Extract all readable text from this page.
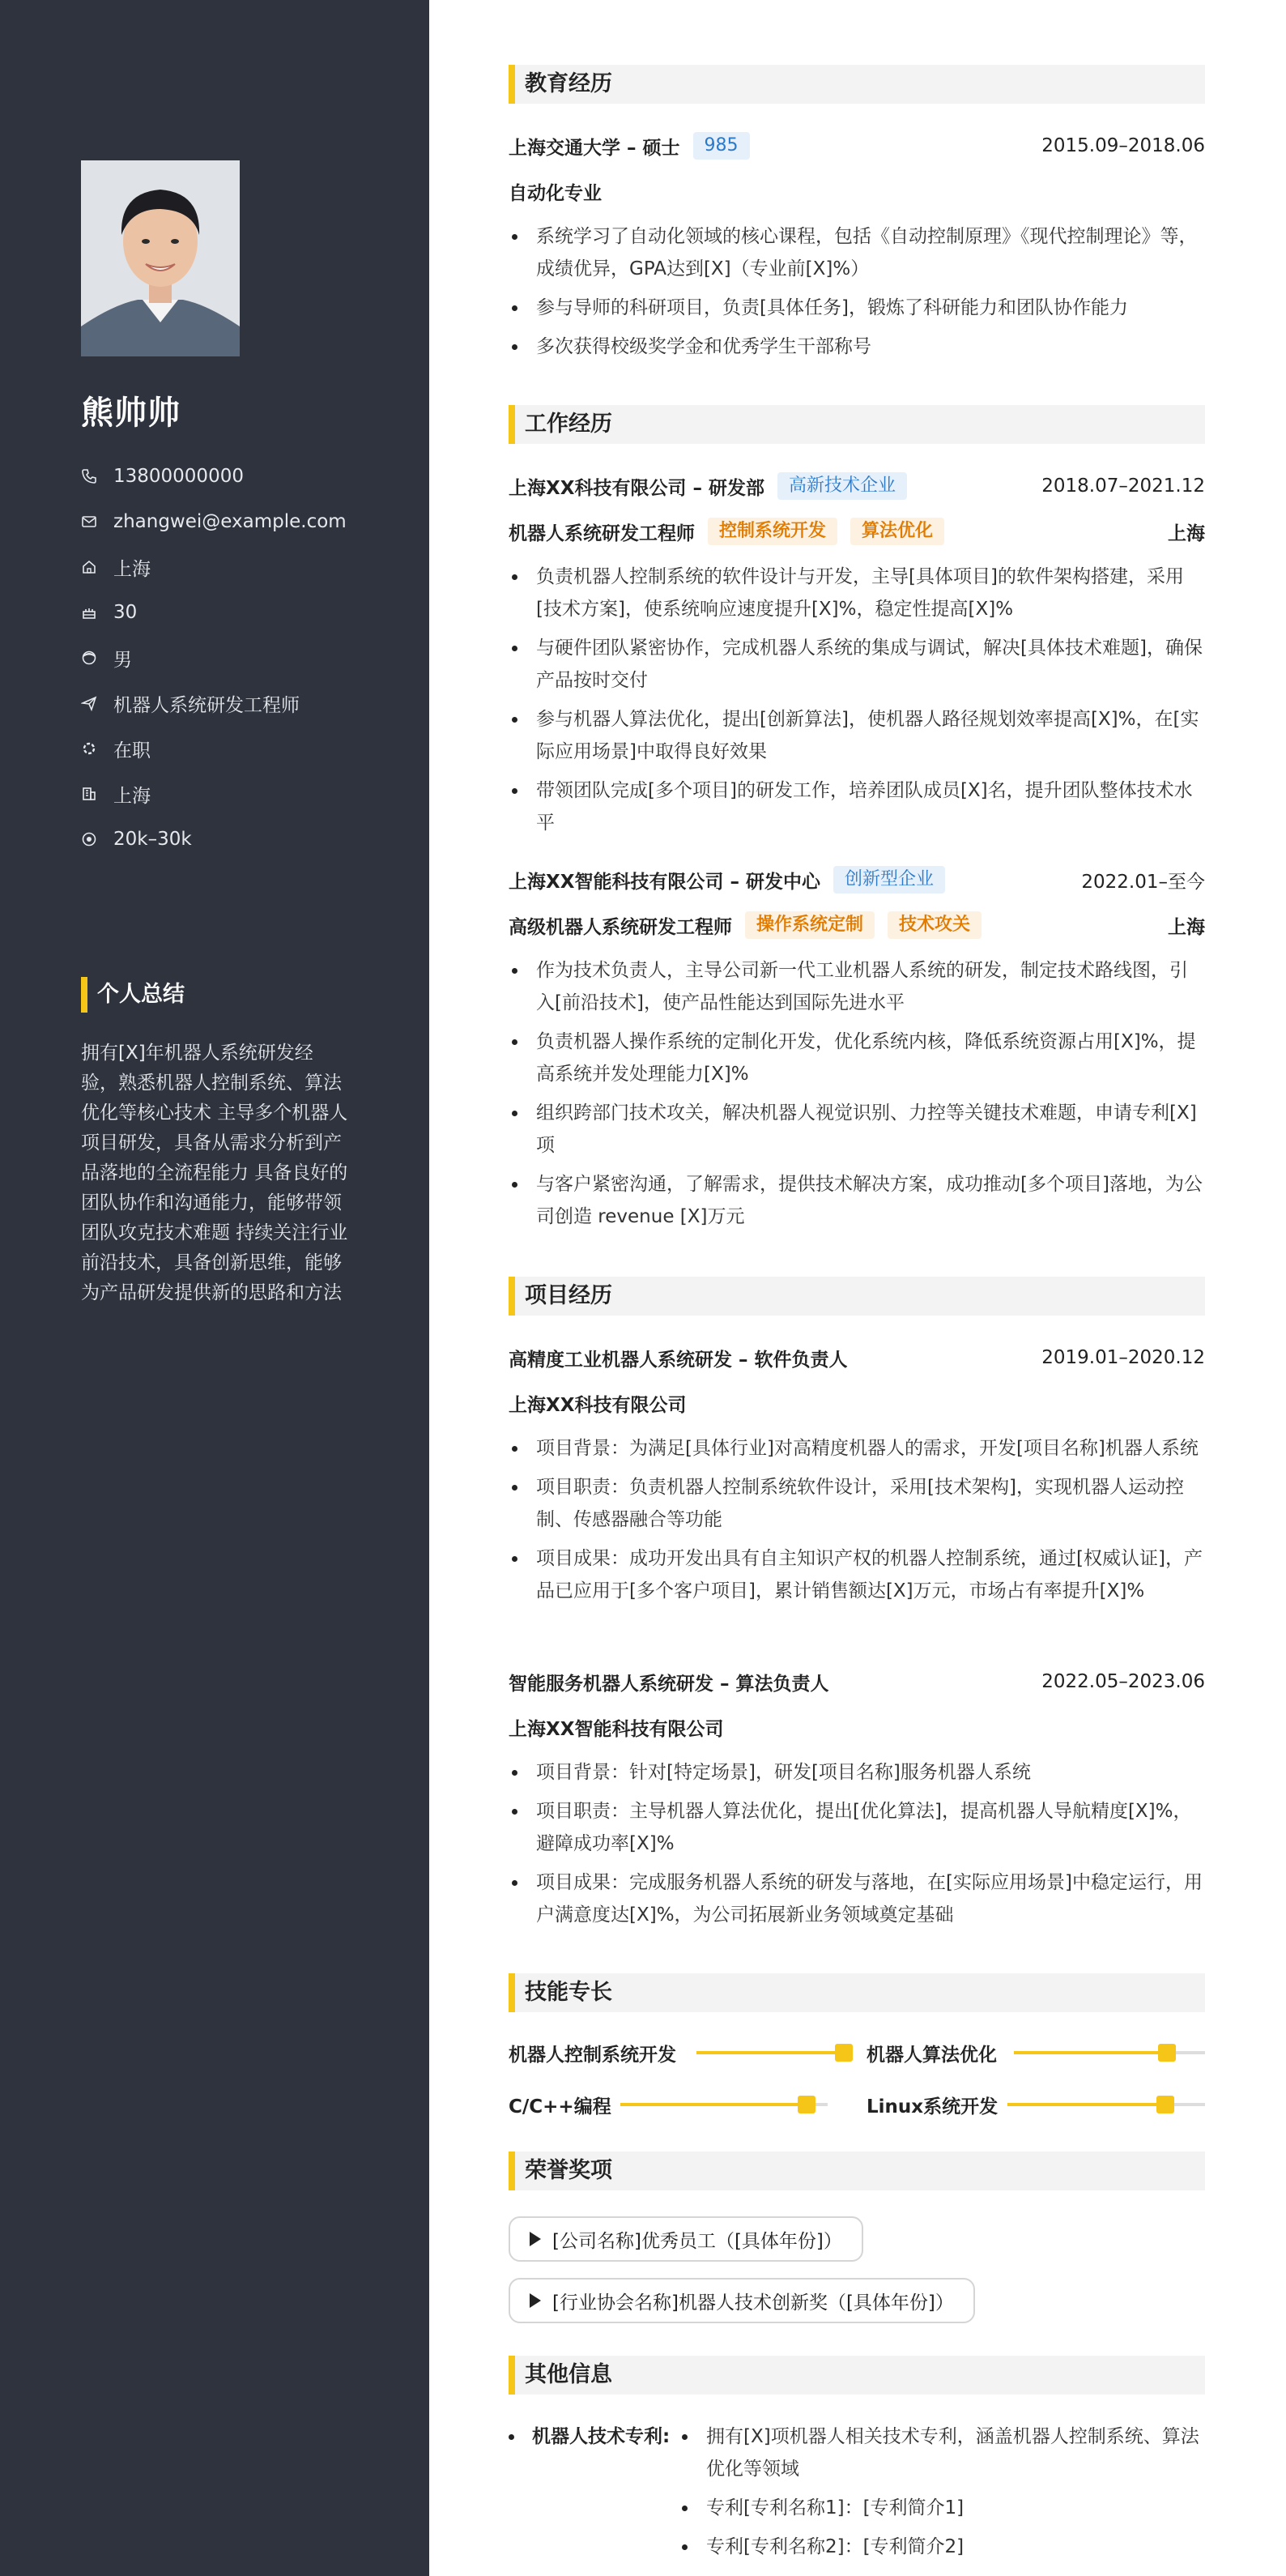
熊帅帅
13800000000
zhangwei@example.com
上海
30
男
机器人系统研发工程师
在职
上海
20k–30k
个人总结
拥有[X]年机器人系统研发经验，熟悉机器人控制系统、算法优化等核心技术 主导多个机器人项目研发，具备从需求分析到产品落地的全流程能力 具备良好的团队协作和沟通能力，能够带领团队攻克技术难题 持续关注行业前沿技术，具备创新思维，能够为产品研发提供新的思路和方法
教育经历
上海交通大学 – 硕士	985	2015.09–2018.06
自动化专业
系统学习了自动化领域的核心课程，包括《自动控制原理》《现代控制理论》等，成绩优异，GPA达到[X]（专业前[X]%）
参与导师的科研项目，负责[具体任务]，锻炼了科研能力和团队协作能力
多次获得校级奖学金和优秀学生干部称号
工作经历
上海XX科技有限公司 – 研发部	高新技术企业	2018.07–2021.12
机器人系统研发工程师	控制系统开发	算法优化	上海
负责机器人控制系统的软件设计与开发，主导[具体项目]的软件架构搭建，采用[技术方案]，使系统响应速度提升[X]%，稳定性提高[X]%
与硬件团队紧密协作，完成机器人系统的集成与调试，解决[具体技术难题]，确保产品按时交付
参与机器人算法优化，提出[创新算法]，使机器人路径规划效率提高[X]%，在[实际应用场景]中取得良好效果
带领团队完成[多个项目]的研发工作，培养团队成员[X]名，提升团队整体技术水平
上海XX智能科技有限公司 – 研发中心	创新型企业	2022.01–至今
高级机器人系统研发工程师	操作系统定制	技术攻关	上海
作为技术负责人，主导公司新一代工业机器人系统的研发，制定技术路线图，引入[前沿技术]，使产品性能达到国际先进水平
负责机器人操作系统的定制化开发，优化系统内核，降低系统资源占用[X]%，提高系统并发处理能力[X]%
组织跨部门技术攻关，解决机器人视觉识别、力控等关键技术难题，申请专利[X]项
与客户紧密沟通，了解需求，提供技术解决方案，成功推动[多个项目]落地，为公司创造 revenue [X]万元
项目经历
高精度工业机器人系统研发 – 软件负责人	2019.01–2020.12
上海XX科技有限公司
项目背景：为满足[具体行业]对高精度机器人的需求，开发[项目名称]机器人系统
项目职责：负责机器人控制系统软件设计，采用[技术架构]，实现机器人运动控制、传感器融合等功能
项目成果：成功开发出具有自主知识产权的机器人控制系统，通过[权威认证]，产品已应用于[多个客户项目]，累计销售额达[X]万元，市场占有率提升[X]%
智能服务机器人系统研发 – 算法负责人	2022.05–2023.06
上海XX智能科技有限公司
项目背景：针对[特定场景]，研发[项目名称]服务机器人系统
项目职责：主导机器人算法优化，提出[优化算法]，提高机器人导航精度[X]%，避障成功率[X]%
项目成果：完成服务机器人系统的研发与落地，在[实际应用场景]中稳定运行，用户满意度达[X]%，为公司拓展新业务领域奠定基础
技能专长
机器人控制系统开发	机器人算法优化
C/C++编程	Linux系统开发
荣誉奖项
[公司名称]优秀员工（[具体年份]）
[行业协会名称]机器人技术创新奖（[具体年份]）
其他信息
机器人技术专利:	拥有[X]项机器人相关技术专利，涵盖机器人控制系统、算法优化等领域
专利[专利名称1]：[专利简介1]
专利[专利名称2]：[专利简介2]
